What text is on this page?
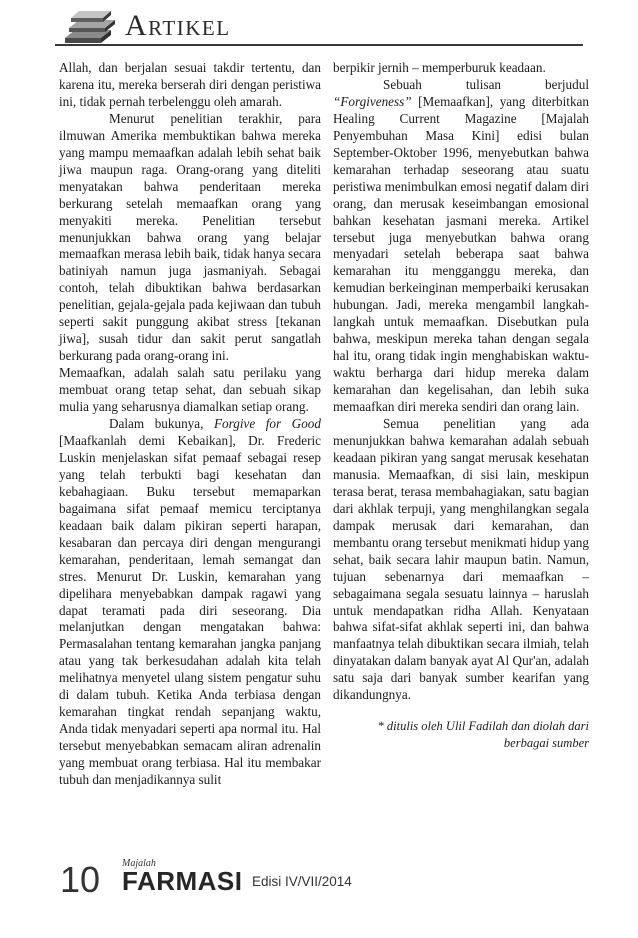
Artikel

Allah, dan berjalan sesuai takdir tertentu, dan karena itu, mereka berserah diri dengan peristiwa ini, tidak pernah terbelenggu oleh amarah.

Menurut penelitian terakhir, para ilmuwan Amerika membuktikan bahwa mereka yang mampu memaafkan adalah lebih sehat baik jiwa maupun raga. Orang-orang yang diteliti menyatakan bahwa penderitaan mereka berkurang setelah memaafkan orang yang menyakiti mereka. Penelitian tersebut menunjukkan bahwa orang yang belajar memaafkan merasa lebih baik, tidak hanya secara batiniyah namun juga jasmaniyah. Sebagai contoh, telah dibuktikan bahwa berdasarkan penelitian, gejala-gejala pada kejiwaan dan tubuh seperti sakit punggung akibat stress [tekanan jiwa], susah tidur dan sakit perut sangatlah berkurang pada orang-orang ini.

Memaafkan, adalah salah satu perilaku yang membuat orang tetap sehat, dan sebuah sikap mulia yang seharusnya diamalkan setiap orang.

Dalam bukunya, Forgive for Good [Maafkanlah demi Kebaikan], Dr. Frederic Luskin menjelaskan sifat pemaaf sebagai resep yang telah terbukti bagi kesehatan dan kebahagiaan. Buku tersebut memaparkan bagaimana sifat pemaaf memicu terciptanya keadaan baik dalam pikiran seperti harapan, kesabaran dan percaya diri dengan mengurangi kemarahan, penderitaan, lemah semangat dan stres. Menurut Dr. Luskin, kemarahan yang dipelihara menyebabkan dampak ragawi yang dapat teramati pada diri seseorang. Dia melanjutkan dengan mengatakan bahwa: Permasalahan tentang kemarahan jangka panjang atau yang tak berkesudahan adalah kita telah melihatnya menyetel ulang sistem pengatur suhu di dalam tubuh. Ketika Anda terbiasa dengan kemarahan tingkat rendah sepanjang waktu, Anda tidak menyadari seperti apa normal itu. Hal tersebut menyebabkan semacam aliran adrenalin yang membuat orang terbiasa. Hal itu membakar tubuh dan menjadikannya sulit

berpikir jernih – memperburuk keadaan.

Sebuah tulisan berjudul “Forgiveness” [Memaafkan], yang diterbitkan Healing Current Magazine [Majalah Penyembuhan Masa Kini] edisi bulan September-Oktober 1996, menyebutkan bahwa kemarahan terhadap seseorang atau suatu peristiwa menimbulkan emosi negatif dalam diri orang, dan merusak keseimbangan emosional bahkan kesehatan jasmani mereka. Artikel tersebut juga menyebutkan bahwa orang menyadari setelah beberapa saat bahwa kemarahan itu mengganggu mereka, dan kemudian berkeinginan memperbaiki kerusakan hubungan. Jadi, mereka mengambil langkah-langkah untuk memaafkan. Disebutkan pula bahwa, meskipun mereka tahan dengan segala hal itu, orang tidak ingin menghabiskan waktu-waktu berharga dari hidup mereka dalam kemarahan dan kegelisahan, dan lebih suka memaafkan diri mereka sendiri dan orang lain.

Semua penelitian yang ada menunjukkan bahwa kemarahan adalah sebuah keadaan pikiran yang sangat merusak kesehatan manusia. Memaafkan, di sisi lain, meskipun terasa berat, terasa membahagiakan, satu bagian dari akhlak terpuji, yang menghilangkan segala dampak merusak dari kemarahan, dan membantu orang tersebut menikmati hidup yang sehat, baik secara lahir maupun batin. Namun, tujuan sebenarnya dari memaafkan –sebagaimana segala sesuatu lainnya – haruslah untuk mendapatkan ridha Allah. Kenyataan bahwa sifat-sifat akhlak seperti ini, dan bahwa manfaatnya telah dibuktikan secara ilmiah, telah dinyatakan dalam banyak ayat Al Qur'an, adalah satu saja dari banyak sumber kearifan yang dikandungnya.

* ditulis oleh Ulil Fadilah dan diolah dari berbagai sumber

10 Majalah
FARMASI Edisi IV/VII/2014
